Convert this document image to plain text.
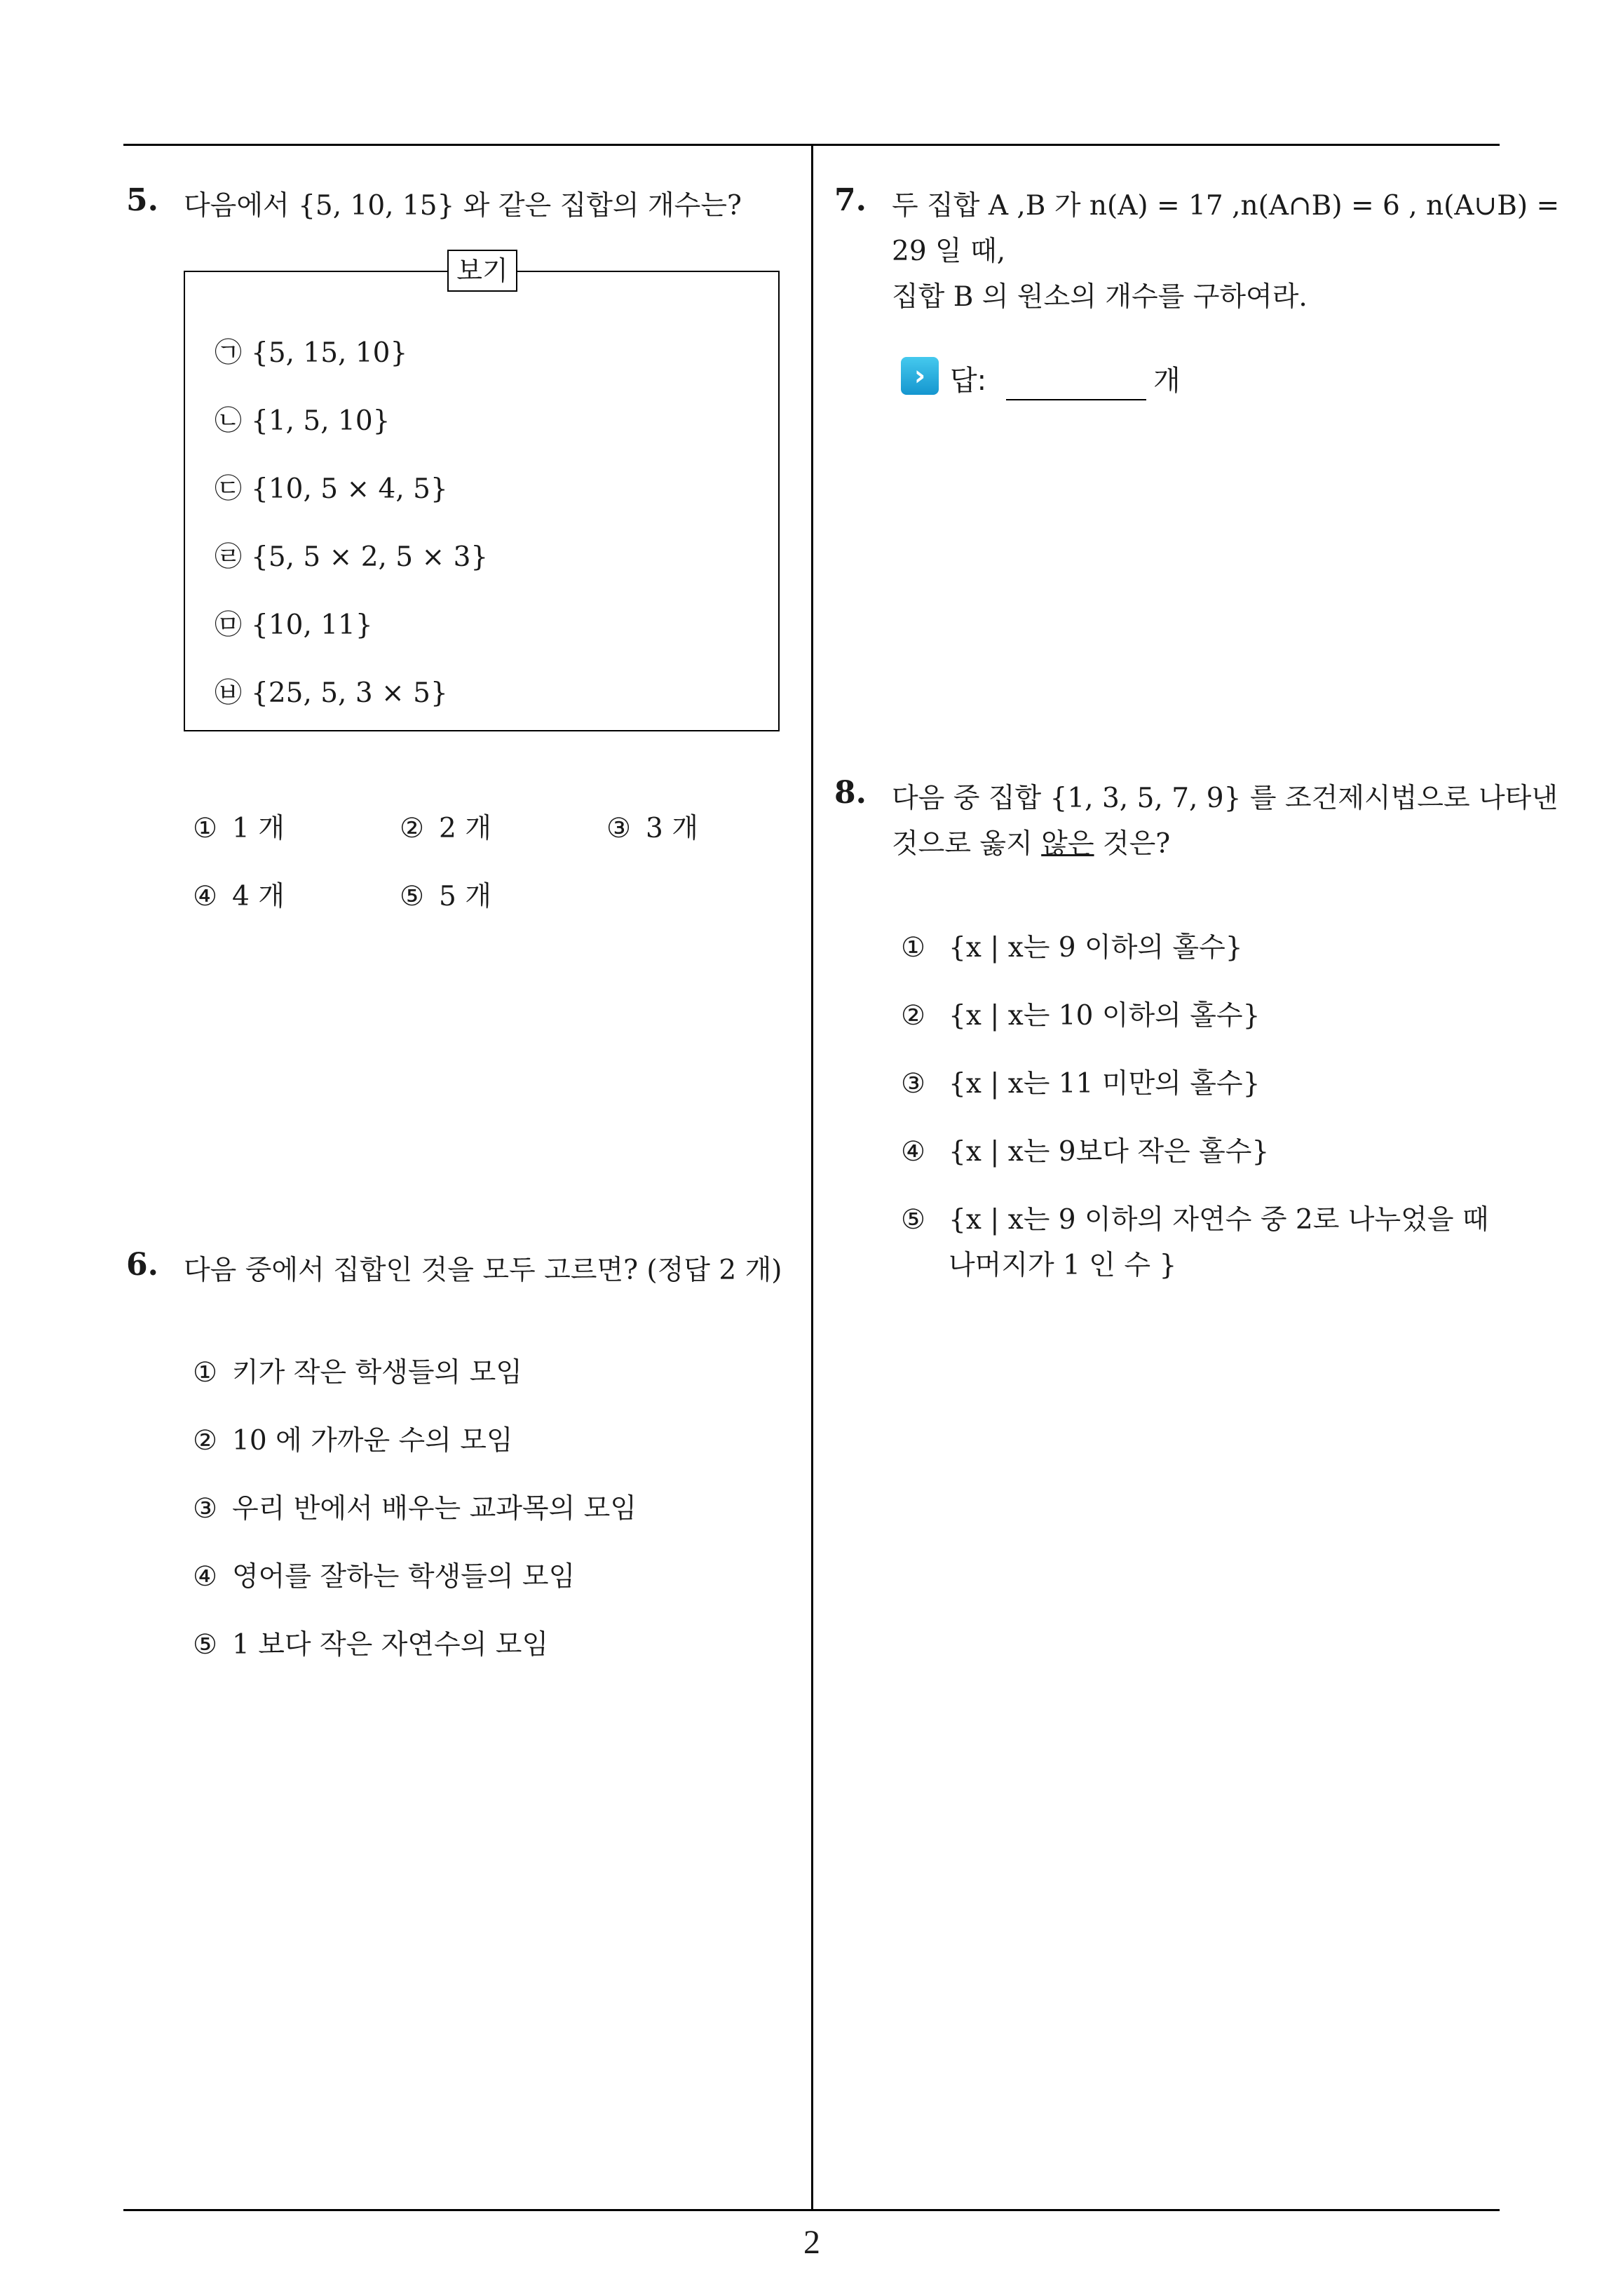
5. 다음에서 {5, 10, 15} 와 같은 집합의 개수는?
보기
㉠ {5, 15, 10}
㉡ {1, 5, 10}
㉢ {10, 5 × 4, 5}
㉣ {5, 5 × 2, 5 × 3}
㉤ {10, 11}
㉥ {25, 5, 3 × 5}
① 1 개	② 2 개	③ 3 개
④ 4 개	⑤ 5 개
6. 다음 중에서 집합인 것을 모두 고르면? (정답 2 개)
① 키가 작은 학생들의 모임
② 10 에 가까운 수의 모임
③ 우리 반에서 배우는 교과목의 모임
④ 영어를 잘하는 학생들의 모임
⑤ 1 보다 작은 자연수의 모임
7. 두 집합 A ,B 가 n(A) = 17 ,n(A∩B) = 6 , n(A∪B) =
29 일 때,
집합 B 의 원소의 개수를 구하여라.
› 답:	개
8. 다음 중 집합 {1, 3, 5, 7, 9} 를 조건제시법으로 나타낸
것으로 옳지 않은 것은?
① {x | x는 9 이하의 홀수}
② {x | x는 10 이하의 홀수}
③ {x | x는 11 미만의 홀수}
④ {x | x는 9보다 작은 홀수}
⑤ {x | x는 9 이하의 자연수 중 2로 나누었을 때
나머지가 1 인 수 }
2
